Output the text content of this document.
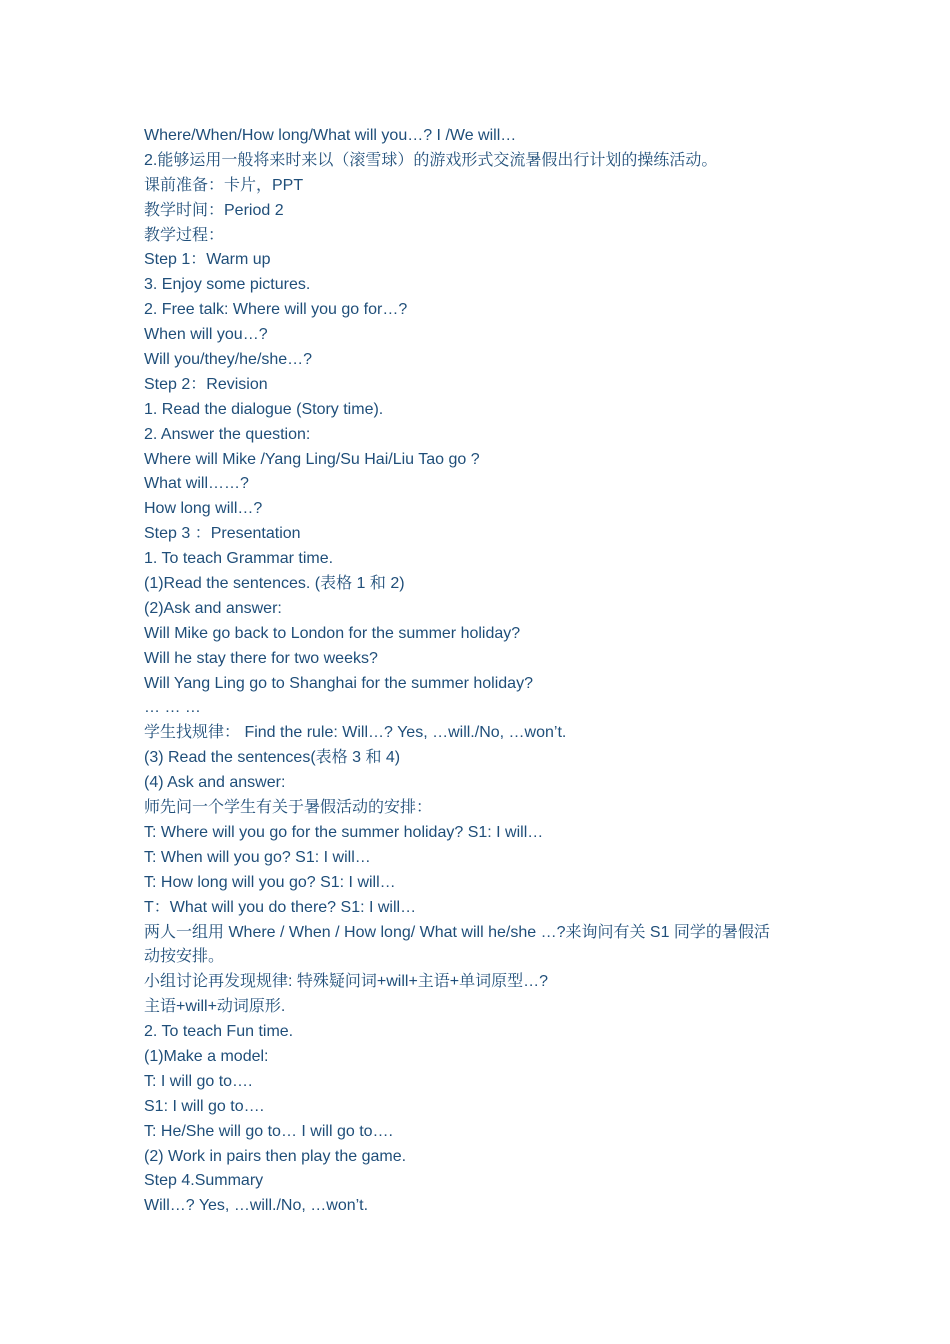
Where/When/How long/What will you…? I /We will…
2.能够运用一般将来时来以（滚雪球）的游戏形式交流暑假出行计划的操练活动。
课前准备：卡片，PPT
教学时间：Period 2
教学过程：
Step 1：Warm up
3. Enjoy some pictures.
2. Free talk: Where will you go for…?
When will you…?
Will you/they/he/she…?
Step 2：Revision
1. Read the dialogue (Story time).
2. Answer the question:
Where will Mike /Yang Ling/Su Hai/Liu Tao go ?
What will……?
How long will…?
Step 3 ：Presentation
1. To teach Grammar time.
(1)Read the sentences. (表格 1 和 2)
(2)Ask and answer:
Will Mike go back to London for the summer holiday?
Will he stay there for two weeks?
Will Yang Ling go to Shanghai for the summer holiday?
… … …
学生找规律： Find the rule: Will…? Yes, …will./No, …won’t.
(3) Read the sentences(表格 3 和 4)
(4) Ask and answer:
师先问一个学生有关于暑假活动的安排：
T: Where will you go for the summer holiday? S1: I will…
T: When will you go? S1: I will…
T: How long will you go? S1: I will…
T：What will you do there? S1: I will…
两人一组用 Where / When / How long/ What will he/she …?来询问有关 S1 同学的暑假活
动按安排。
小组讨论再发现规律: 特殊疑问词+will+主语+单词原型…?
主语+will+动词原形.
2. To teach Fun time.
(1)Make a model:
T: I will go to….
S1: I will go to….
T: He/She will go to… I will go to….
(2) Work in pairs then play the game.
Step 4.Summary
Will…? Yes, …will./No, …won’t.
